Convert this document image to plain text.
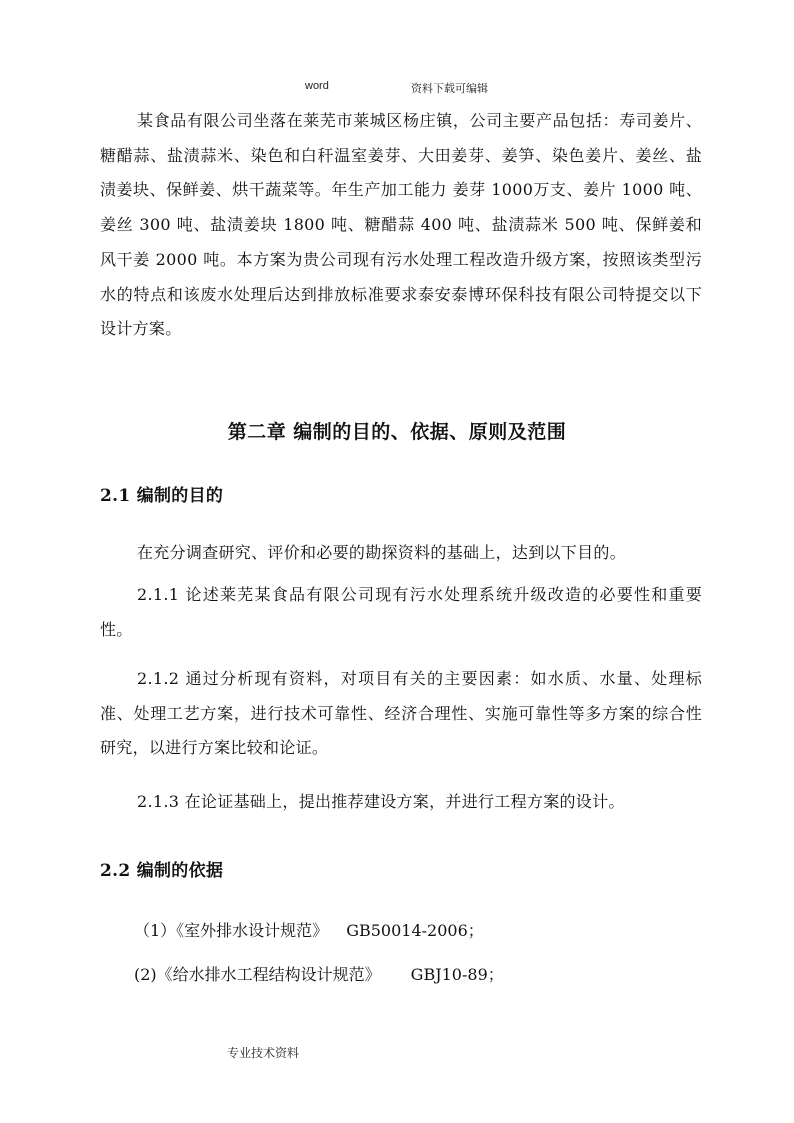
word	资料下载可编辑

某食品有限公司坐落在莱芜市莱城区杨庄镇，公司主要产品包括：寿司姜片、糖醋蒜、盐渍蒜米、染色和白秆温室姜芽、大田姜芽、姜笋、染色姜片、姜丝、盐渍姜块、保鲜姜、烘干蔬菜等。年生产加工能力 姜芽 1000万支、姜片 1000 吨、姜丝 300 吨、盐渍姜块 1800 吨、糖醋蒜 400 吨、盐渍蒜米 500 吨、保鲜姜和风干姜 2000 吨。本方案为贵公司现有污水处理工程改造升级方案，按照该类型污水的特点和该废水处理后达到排放标准要求泰安泰博环保科技有限公司特提交以下设计方案。

第二章 编制的目的、依据、原则及范围
2.1 编制的目的

在充分调查研究、评价和必要的勘探资料的基础上，达到以下目的。

2.1.1 论述莱芜某食品有限公司现有污水处理系统升级改造的必要性和重要性。

2.1.2 通过分析现有资料，对项目有关的主要因素：如水质、水量、处理标准、处理工艺方案，进行技术可靠性、经济合理性、实施可靠性等多方案的综合性研究，以进行方案比较和论证。

2.1.3 在论证基础上，提出推荐建设方案，并进行工程方案的设计。

2.2 编制的依据
（1）《室外排水设计规范》 GB50014-2006；
(2)《给水排水工程结构设计规范》 GBJ10-89；
专业技术资料
